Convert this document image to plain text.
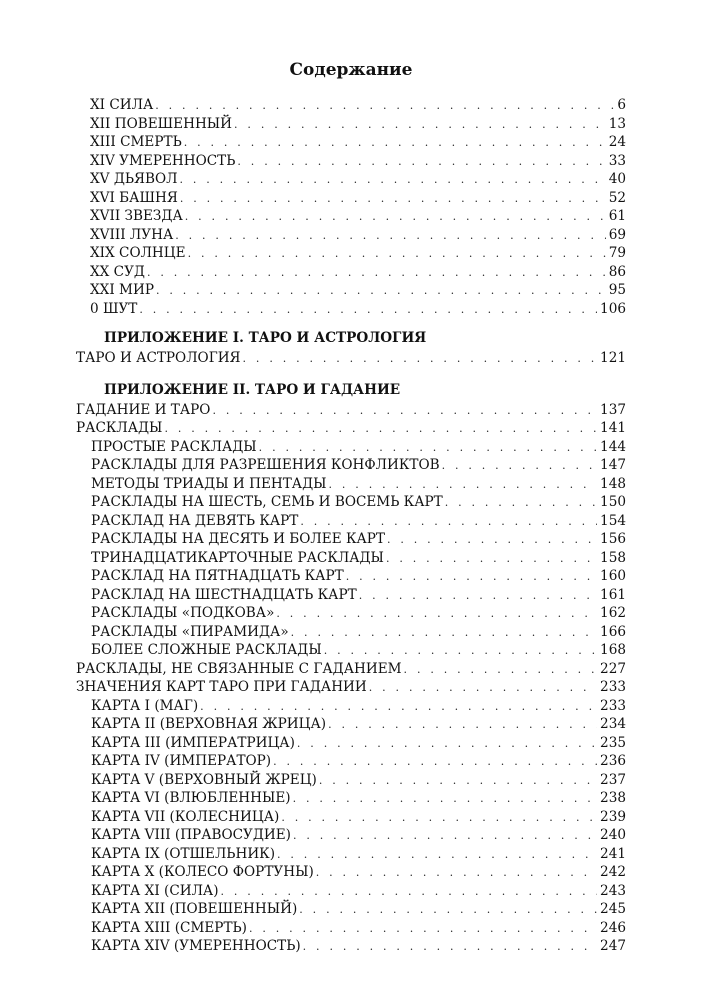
Содержание
XI СИЛА . . .	6
XII ПОВЕШЕННЫЙ . . .	13
XIII СМЕРТЬ . . .	24
XIV УМЕРЕННОСТЬ . . .	33
XV ДЬЯВОЛ . . .	40
XVI БАШНЯ . . .	52
XVII ЗВЕЗДА . . .	61
XVIII ЛУНА . . .	69
XIX СОЛНЦЕ . . .	79
XX СУД . . .	86
XXI МИР . . .	95
0 ШУТ . . .	106
ПРИЛОЖЕНИЕ I. ТАРО И АСТРОЛОГИЯ
ТАРО И АСТРОЛОГИЯ . . .	121
ПРИЛОЖЕНИЕ II. ТАРО И ГАДАНИЕ
ГАДАНИЕ И ТАРО . . .	137
РАСКЛАДЫ . . .	141
ПРОСТЫЕ РАСКЛАДЫ . . .	144
РАСКЛАДЫ ДЛЯ РАЗРЕШЕНИЯ КОНФЛИКТОВ . . .	147
МЕТОДЫ ТРИАДЫ И ПЕНТАДЫ . . .	148
РАСКЛАДЫ НА ШЕСТЬ, СЕМЬ И ВОСЕМЬ КАРТ . . .	150
РАСКЛАД НА ДЕВЯТЬ КАРТ . . .	154
РАСКЛАДЫ НА ДЕСЯТЬ И БОЛЕЕ КАРТ . . .	156
ТРИНАДЦАТИКАРТОЧНЫЕ РАСКЛАДЫ . . .	158
РАСКЛАД НА ПЯТНАДЦАТЬ КАРТ . . .	160
РАСКЛАД НА ШЕСТНАДЦАТЬ КАРТ . . .	161
РАСКЛАДЫ «ПОДКОВА» . . .	162
РАСКЛАДЫ «ПИРАМИДА» . . .	166
БОЛЕЕ СЛОЖНЫЕ РАСКЛАДЫ . . .	168
РАСКЛАДЫ, НЕ СВЯЗАННЫЕ С ГАДАНИЕМ . . .	227
ЗНАЧЕНИЯ КАРТ ТАРО ПРИ ГАДАНИИ . . .	233
КАРТА I (МАГ) . . .	233
КАРТА II (ВЕРХОВНАЯ ЖРИЦА) . . .	234
КАРТА III (ИМПЕРАТРИЦА) . . .	235
КАРТА IV (ИМПЕРАТОР) . . .	236
КАРТА V (ВЕРХОВНЫЙ ЖРЕЦ) . . .	237
КАРТА VI (ВЛЮБЛЕННЫЕ) . . .	238
КАРТА VII (КОЛЕСНИЦА) . . .	239
КАРТА VIII (ПРАВОСУДИЕ) . . .	240
КАРТА IX (ОТШЕЛЬНИК) . . .	241
КАРТА X (КОЛЕСО ФОРТУНЫ) . . .	242
КАРТА XI (СИЛА) . . .	243
КАРТА XII (ПОВЕШЕННЫЙ) . . .	245
КАРТА XIII (СМЕРТЬ) . . .	246
КАРТА XIV (УМЕРЕННОСТЬ) . . .	247
